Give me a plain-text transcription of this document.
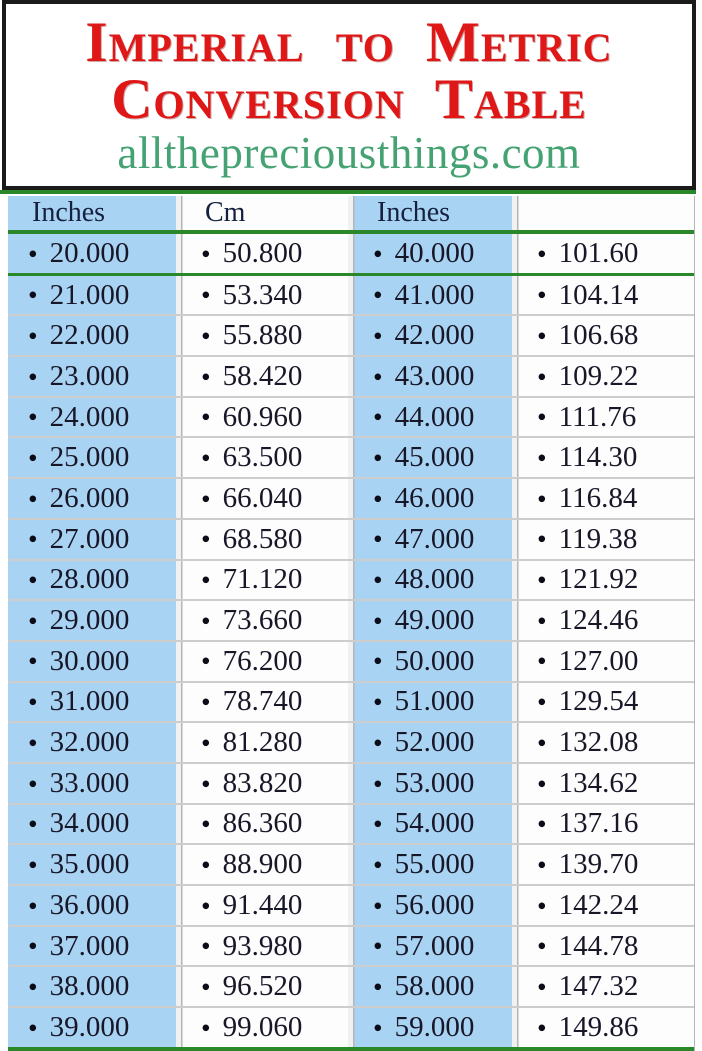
Imperial to Metric
Conversion Table
allthepreciousthings.com
Inches	Cm	Inches
• 20.000	• 50.800	• 40.000 • 101.60
• 21.000	• 53.340	• 41.000 • 104.14
• 22.000	• 55.880	• 42.000 • 106.68
• 23.000	• 58.420	• 43.000 • 109.22
• 24.000	• 60.960	• 44.000 • 111.76
• 25.000	• 63.500	• 45.000 • 114.30
• 26.000	• 66.040	• 46.000 • 116.84
• 27.000	• 68.580	• 47.000 • 119.38
• 28.000	• 71.120	• 48.000 • 121.92
• 29.000	• 73.660	• 49.000 • 124.46
• 30.000	• 76.200	• 50.000 • 127.00
• 31.000	• 78.740	• 51.000 • 129.54
• 32.000	• 81.280	• 52.000 • 132.08
• 33.000	• 83.820	• 53.000 • 134.62
• 34.000	• 86.360	• 54.000 • 137.16
• 35.000	• 88.900	• 55.000 • 139.70
• 36.000	• 91.440	• 56.000 • 142.24
• 37.000	• 93.980	• 57.000 • 144.78
• 38.000	• 96.520	• 58.000 • 147.32
• 39.000	• 99.060	• 59.000 • 149.86
